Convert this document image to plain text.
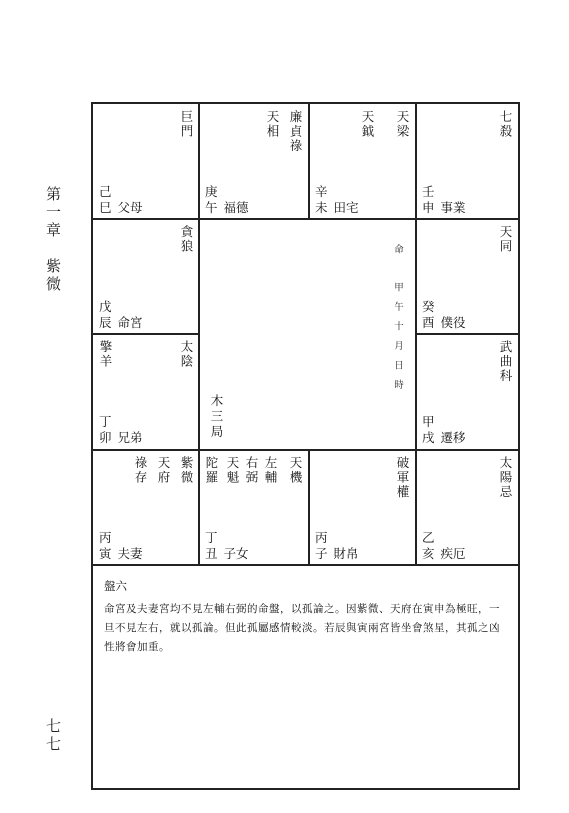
第一章　紫微
七七
巨門
己
巳 父母
廉貞祿
天相
庚
午 福德
天梁
天鉞
辛
未 田宅
七殺
壬
申 事業
貪狼
戊
辰 命宮
天同
癸
酉 僕役
擎羊	太陰
丁
卯 兄弟
武曲科
甲
戌 遷移
木三局
甲午十月日時
命
紫微
天府
祿存
丙
寅 夫妻
陀羅	天機
左輔
右弼
天魁
丁
丑 子女
破軍權
丙
子 財帛
太陽忌
乙
亥 疾厄
盤六
命宮及夫妻宮均不見左輔右弼的命盤，以孤論之。因紫微、天府在寅申為極旺，一旦不見左右，就以孤論。但此孤屬感情較淡。若辰與寅兩宮皆坐會煞星，其孤之凶性將會加重。
